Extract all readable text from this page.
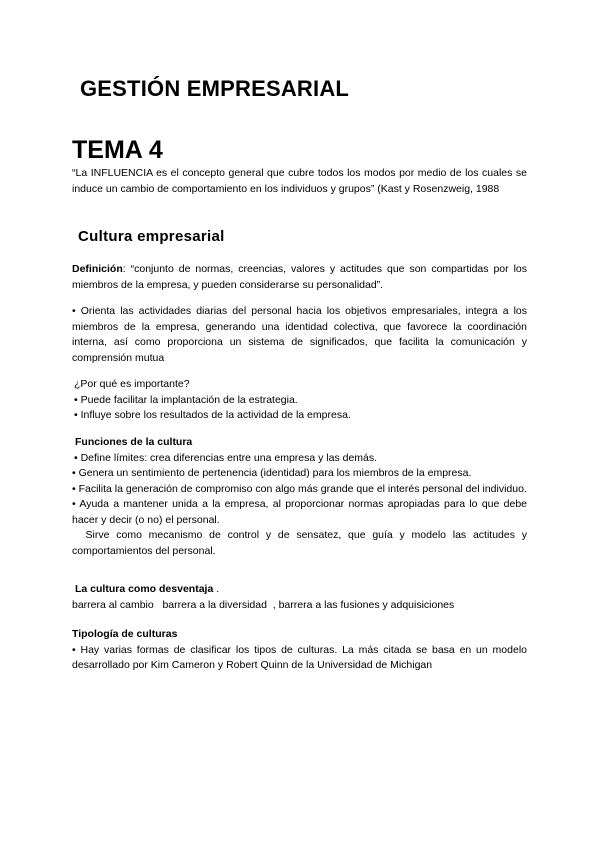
GESTIÓN EMPRESARIAL
TEMA 4
“La INFLUENCIA es el concepto general que cubre todos los modos por medio de los cuales se induce un cambio de comportamiento en los individuos y grupos” (Kast y Rosenzweig, 1988
Cultura empresarial
Definición: “conjunto de normas, creencias, valores y actitudes que son compartidas por los miembros de la empresa, y pueden considerarse su personalidad”.
• Orienta las actividades diarias del personal hacia los objetivos empresariales, integra a los miembros de la empresa, generando una identidad colectiva, que favorece la coordinación interna, así como proporciona un sistema de significados, que facilita la comunicación y comprensión mutua
¿Por qué es importante?
• Puede facilitar la implantación de la estrategia.
• Influye sobre los resultados de la actividad de la empresa.
Funciones de la cultura
• Define límites: crea diferencias entre una empresa y las demás.
• Genera un sentimiento de pertenencia (identidad) para los miembros de la empresa.
• Facilita la generación de compromiso con algo más grande que el interés personal del individuo.
• Ayuda a mantener unida a la empresa, al proporcionar normas apropiadas para lo que debe hacer y decir (o no) el personal.
Sirve como mecanismo de control y de sensatez, que guía y modelo las actitudes y comportamientos del personal.
La cultura como desventaja .
barrera al cambio   barrera a la diversidad  , barrera a las fusiones y adquisiciones
Tipología de culturas
• Hay varias formas de clasificar los tipos de culturas. La más citada se basa en un modelo desarrollado por Kim Cameron y Robert Quinn de la Universidad de Michigan
